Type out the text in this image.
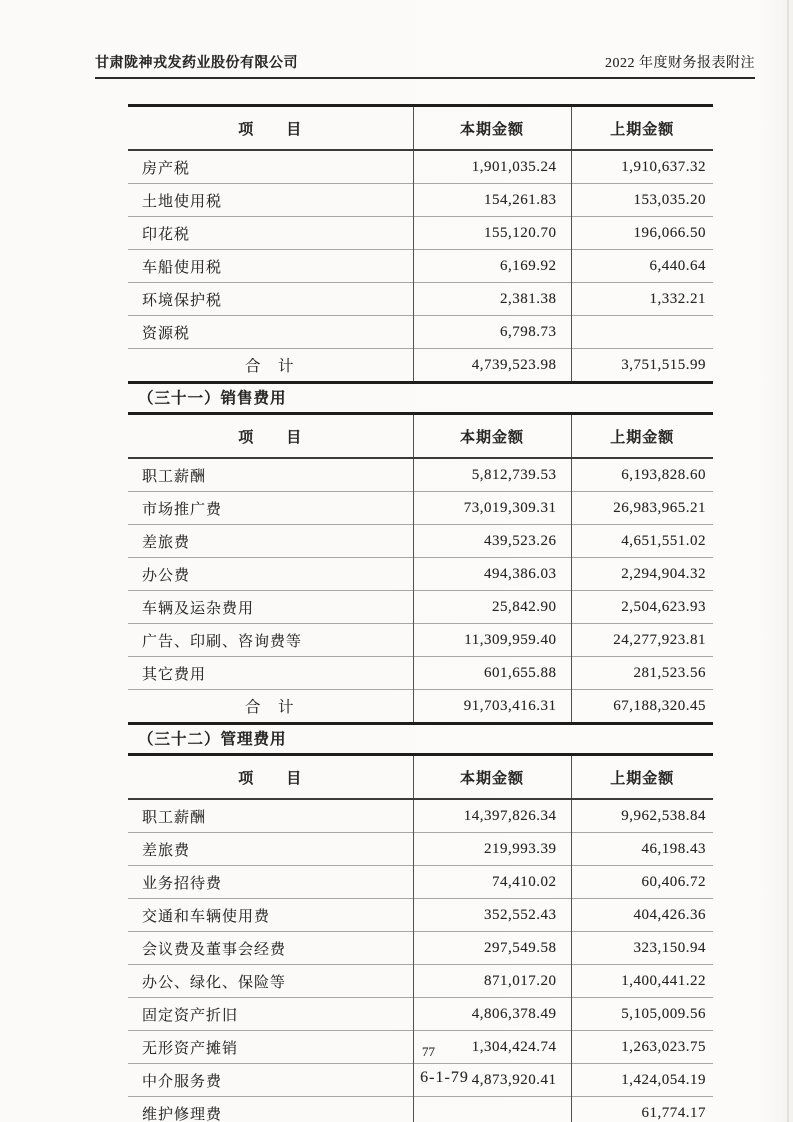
甘肃陇神戎发药业股份有限公司	2022 年度财务报表附注
项　　目	本期金额	上期金额
房产税	1,901,035.24	1,910,637.32
土地使用税	154,261.83	153,035.20
印花税	155,120.70	196,066.50
车船使用税	6,169.92	6,440.64
环境保护税	2,381.38	1,332.21
资源税	6,798.73	
合　计	4,739,523.98	3,751,515.99
（三十一）销售费用
项　　目	本期金额	上期金额
职工薪酬	5,812,739.53	6,193,828.60
市场推广费	73,019,309.31	26,983,965.21
差旅费	439,523.26	4,651,551.02
办公费	494,386.03	2,294,904.32
车辆及运杂费用	25,842.90	2,504,623.93
广告、印刷、咨询费等	11,309,959.40	24,277,923.81
其它费用	601,655.88	281,523.56
合　计	91,703,416.31	67,188,320.45
（三十二）管理费用
项　　目	本期金额	上期金额
职工薪酬	14,397,826.34	9,962,538.84
差旅费	219,993.39	46,198.43
业务招待费	74,410.02	60,406.72
交通和车辆使用费	352,552.43	404,426.36
会议费及董事会经费	297,549.58	323,150.94
办公、绿化、保险等	871,017.20	1,400,441.22
固定资产折旧	4,806,378.49	5,105,009.56
无形资产摊销	1,304,424.74	1,263,023.75
中介服务费	4,873,920.41	1,424,054.19
维护修理费		61,774.17
77
6-1-79
